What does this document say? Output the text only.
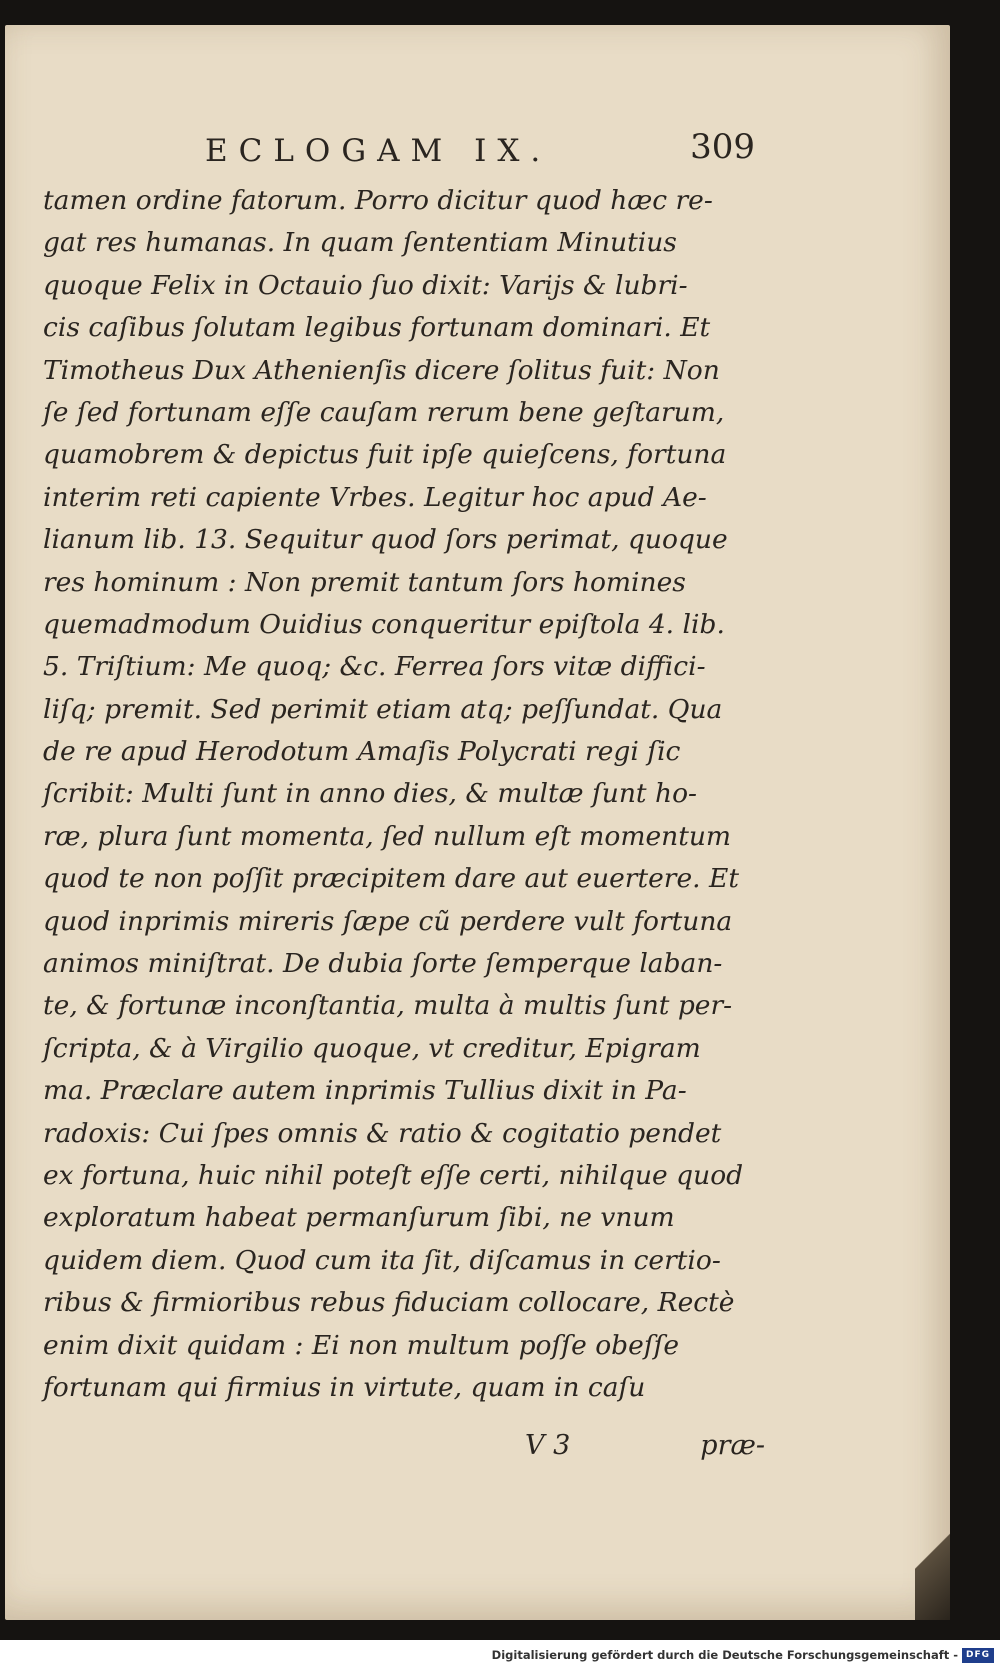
ECLOGAM IX.	309
tamen ordine fatorum. Porro dicitur quod hæc re-
gat res humanas. In quam ſententiam Minutius
quoque Felix in Octauio ſuo dixit: Varijs & lubri-
cis caſibus ſolutam legibus fortunam dominari. Et
Timotheus Dux Athenienſis dicere ſolitus fuit: Non
ſe ſed fortunam eſſe cauſam rerum bene geſtarum,
quamobrem & depictus fuit ipſe quieſcens, fortuna
interim reti capiente Vrbes. Legitur hoc apud Ae-
lianum lib. 13. Sequitur quod ſors perimat, quoque
res hominum : Non premit tantum ſors homines
quemadmodum Ouidius conqueritur epiſtola 4. lib.
5. Triſtium: Me quoq; &c. Ferrea ſors vitæ diffici-
liſq; premit. Sed perimit etiam atq; peſſundat. Qua
de re apud Herodotum Amaſis Polycrati regi ſic
ſcribit: Multi ſunt in anno dies, & multæ ſunt ho-
ræ, plura ſunt momenta, ſed nullum eſt momentum
quod te non poſſit præcipitem dare aut euertere. Et
quod inprimis mireris ſæpe cũ perdere vult fortuna
animos miniſtrat. De dubia ſorte ſemperque laban-
te, & fortunæ inconſtantia, multa à multis ſunt per-
ſcripta, & à Virgilio quoque, vt creditur, Epigram
ma. Præclare autem inprimis Tullius dixit in Pa-
radoxis: Cui ſpes omnis & ratio & cogitatio pendet
ex fortuna, huic nihil poteſt eſſe certi, nihilque quod
exploratum habeat permanſurum ſibi, ne vnum
quidem diem. Quod cum ita ſit, diſcamus in certio-
ribus & firmioribus rebus fiduciam collocare, Rectè
enim dixit quidam : Ei non multum poſſe obeſſe
fortunam qui firmius in virtute, quam in caſu
V 3	præ-
Digitalisierung gefördert durch die Deutsche Forschungsgemeinschaft - DFG
